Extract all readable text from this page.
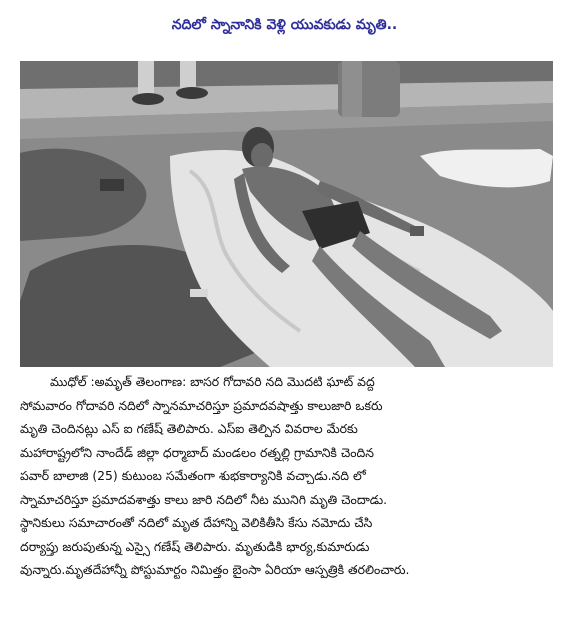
నదిలో స్నానానికి వెళ్లి యువకుడు మృతి..
ముధోల్ :అమృత్ తెలంగాణ: బాసర గోదావరి నది మొదటి ఘాట్ వద్ద
సోమవారం గోదావరి నదిలో స్నానమాచరిస్తూ ప్రమాదవషాత్తు కాలుజారి ఒకరు
మృతి చెందినట్లు ఎస్ ఐ గణేష్ తెలిపారు. ఎస్ఐ తెల్పిన వివరాల మేరకు
మహారాష్ట్రలోని నాందేడ్ జిల్లా ధర్మాబాద్ మండలం రత్నల్లి గ్రామానికి చెందిన
పవార్ బాలాజి (25) కుటుంబ సమేతంగా శుభకార్యానికి వచ్చాడు.నది లో
స్నామాచరిస్తూ ప్రమాదవశాత్తు కాలు జారి నదిలో నీట మునిగి మృతి చెందాడు.
స్థానికులు సమాచారంతో నదిలో మృత దేహాన్ని వెలికితీసి కేసు నమోదు చేసి
దర్యాప్తు జరుపుతున్న ఎస్సై గణేష్ తెలిపారు. మృతుడికి భార్య,కుమారుడు
వున్నారు.మృతదేహాన్నీ పోస్టుమార్టం నిమిత్తం బైంసా ఏరియా ఆస్పత్రికి తరలించారు.
